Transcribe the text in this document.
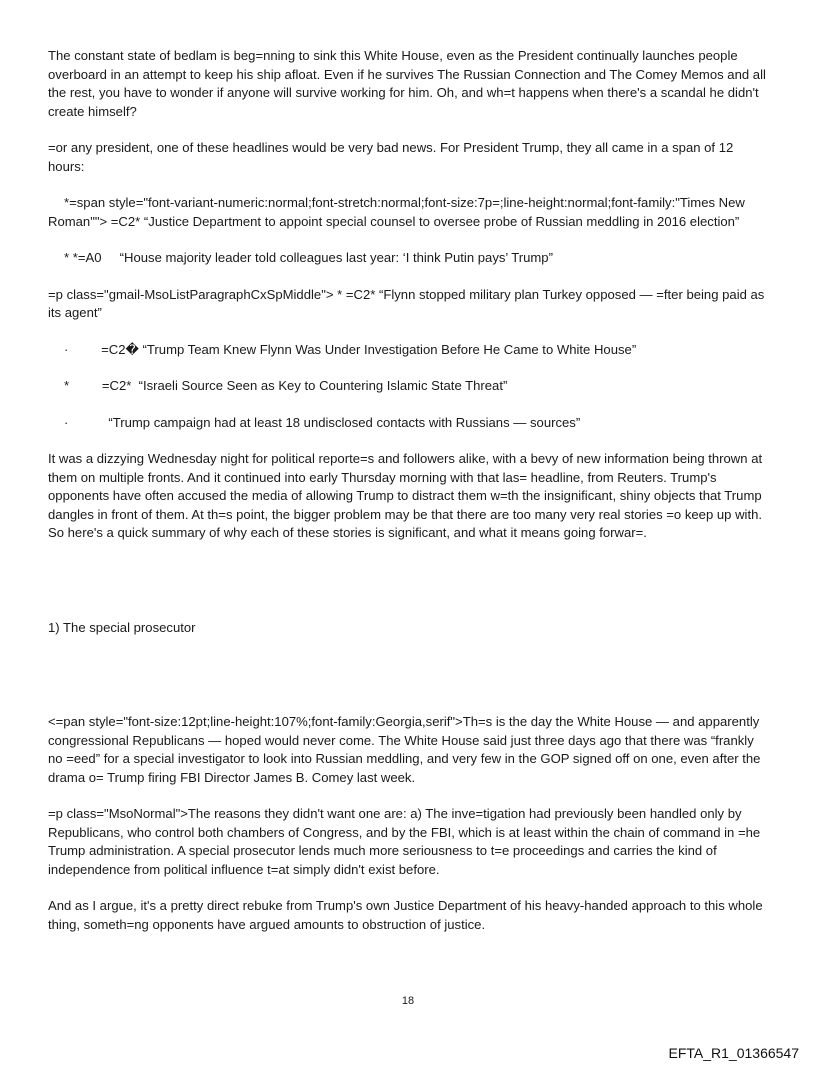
The constant state of bedlam is beg=nning to sink this White House, even as the President continually launches people overboard in an attempt to keep his ship afloat. Even if he survives The Russian Connection and The Comey Memos and all the rest, you have to wonder if anyone will survive working for him. Oh, and wh=t happens when there's a scandal he didn't create himself?

=or any president, one of these headlines would be very bad news. For President Trump, they all came in a span of 12 hours:

*=span style="font-variant-numeric:normal;font-stretch:normal;font-size:7p=;line-height:normal;font-family:"Times New Roman""> =C2* “Justice Department to appoint special counsel to oversee probe of Russian meddling in 2016 election”

* *=A0     “House majority leader told colleagues last year: ‘I think Putin pays’ Trump”

=p class="gmail-MsoListParagraphCxSpMiddle"> * =C2* “Flynn stopped military plan Turkey opposed — =fter being paid as its agent”

·         =C2� “Trump Team Knew Flynn Was Under Investigation Before He Came to White House”

*         =C2*  “Israeli Source Seen as Key to Countering Islamic State Threat”

·           “Trump campaign had at least 18 undisclosed contacts with Russians — sources”

It was a dizzying Wednesday night for political reporte=s and followers alike, with a bevy of new information being thrown at them on multiple fronts. And it continued into early Thursday morning with that las= headline, from Reuters. Trump's opponents have often accused the media of allowing Trump to distract them w=th the insignificant, shiny objects that Trump dangles in front of them. At th=s point, the bigger problem may be that there are too many very real stories =o keep up with. So here's a quick summary of why each of these stories is significant, and what it means going forwar=.

1) The special prosecutor

<=pan style="font-size:12pt;line-height:107%;font-family:Georgia,serif">Th=s is the day the White House — and apparently congressional Republicans — hoped would never come. The White House said just three days ago that there was “frankly no =eed” for a special investigator to look into Russian meddling, and very few in the GOP signed off on one, even after the drama o= Trump firing FBI Director James B. Comey last week.

=p class="MsoNormal">The reasons they didn't want one are: a) The inve=tigation had previously been handled only by Republicans, who control both chambers of Congress, and by the FBI, which is at least within the chain of command in =he Trump administration. A special prosecutor lends much more seriousness to t=e proceedings and carries the kind of independence from political influence t=at simply didn't exist before.

And as I argue, it's a pretty direct rebuke from Trump's own Justice Department of his heavy-handed approach to this whole thing, someth=ng opponents have argued amounts to obstruction of justice.

18
EFTA_R1_01366547
